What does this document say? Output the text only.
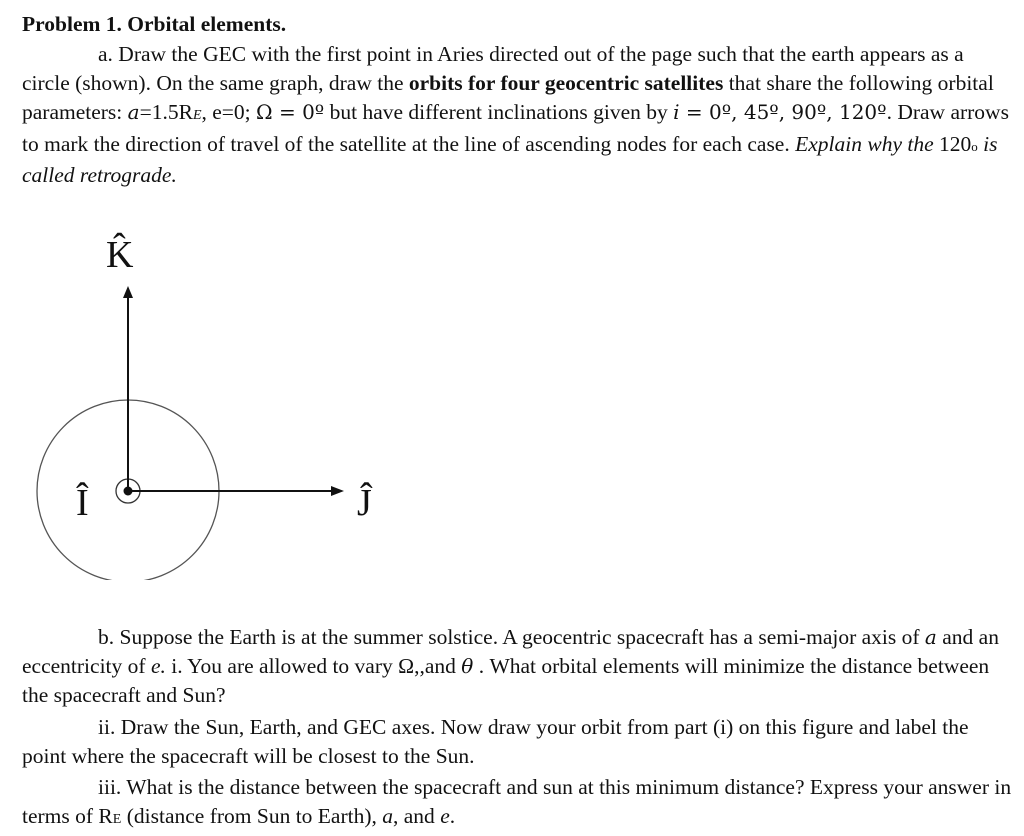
Problem 1. Orbital elements.
a. Draw the GEC with the first point in Aries directed out of the page such that the earth appears as a circle (shown). On the same graph, draw the orbits for four geocentric satellites that share the following orbital parameters: a=1.5RE, e=0; Ω = 0º but have different inclinations given by i = 0º, 45º, 90º, 120º. Draw arrows to mark the direction of travel of the satellite at the line of ascending nodes for each case. Explain why the 120o is called retrograde.
K̂
Î	Ĵ
b. Suppose the Earth is at the summer solstice. A geocentric spacecraft has a semi-major axis of a and an eccentricity of e. i. You are allowed to vary Ω,,and θ . What orbital elements will minimize the distance between the spacecraft and Sun?
ii. Draw the Sun, Earth, and GEC axes. Now draw your orbit from part (i) on this figure and label the point where the spacecraft will be closest to the Sun.
iii. What is the distance between the spacecraft and sun at this minimum distance? Express your answer in terms of RE (distance from Sun to Earth), a, and e.
